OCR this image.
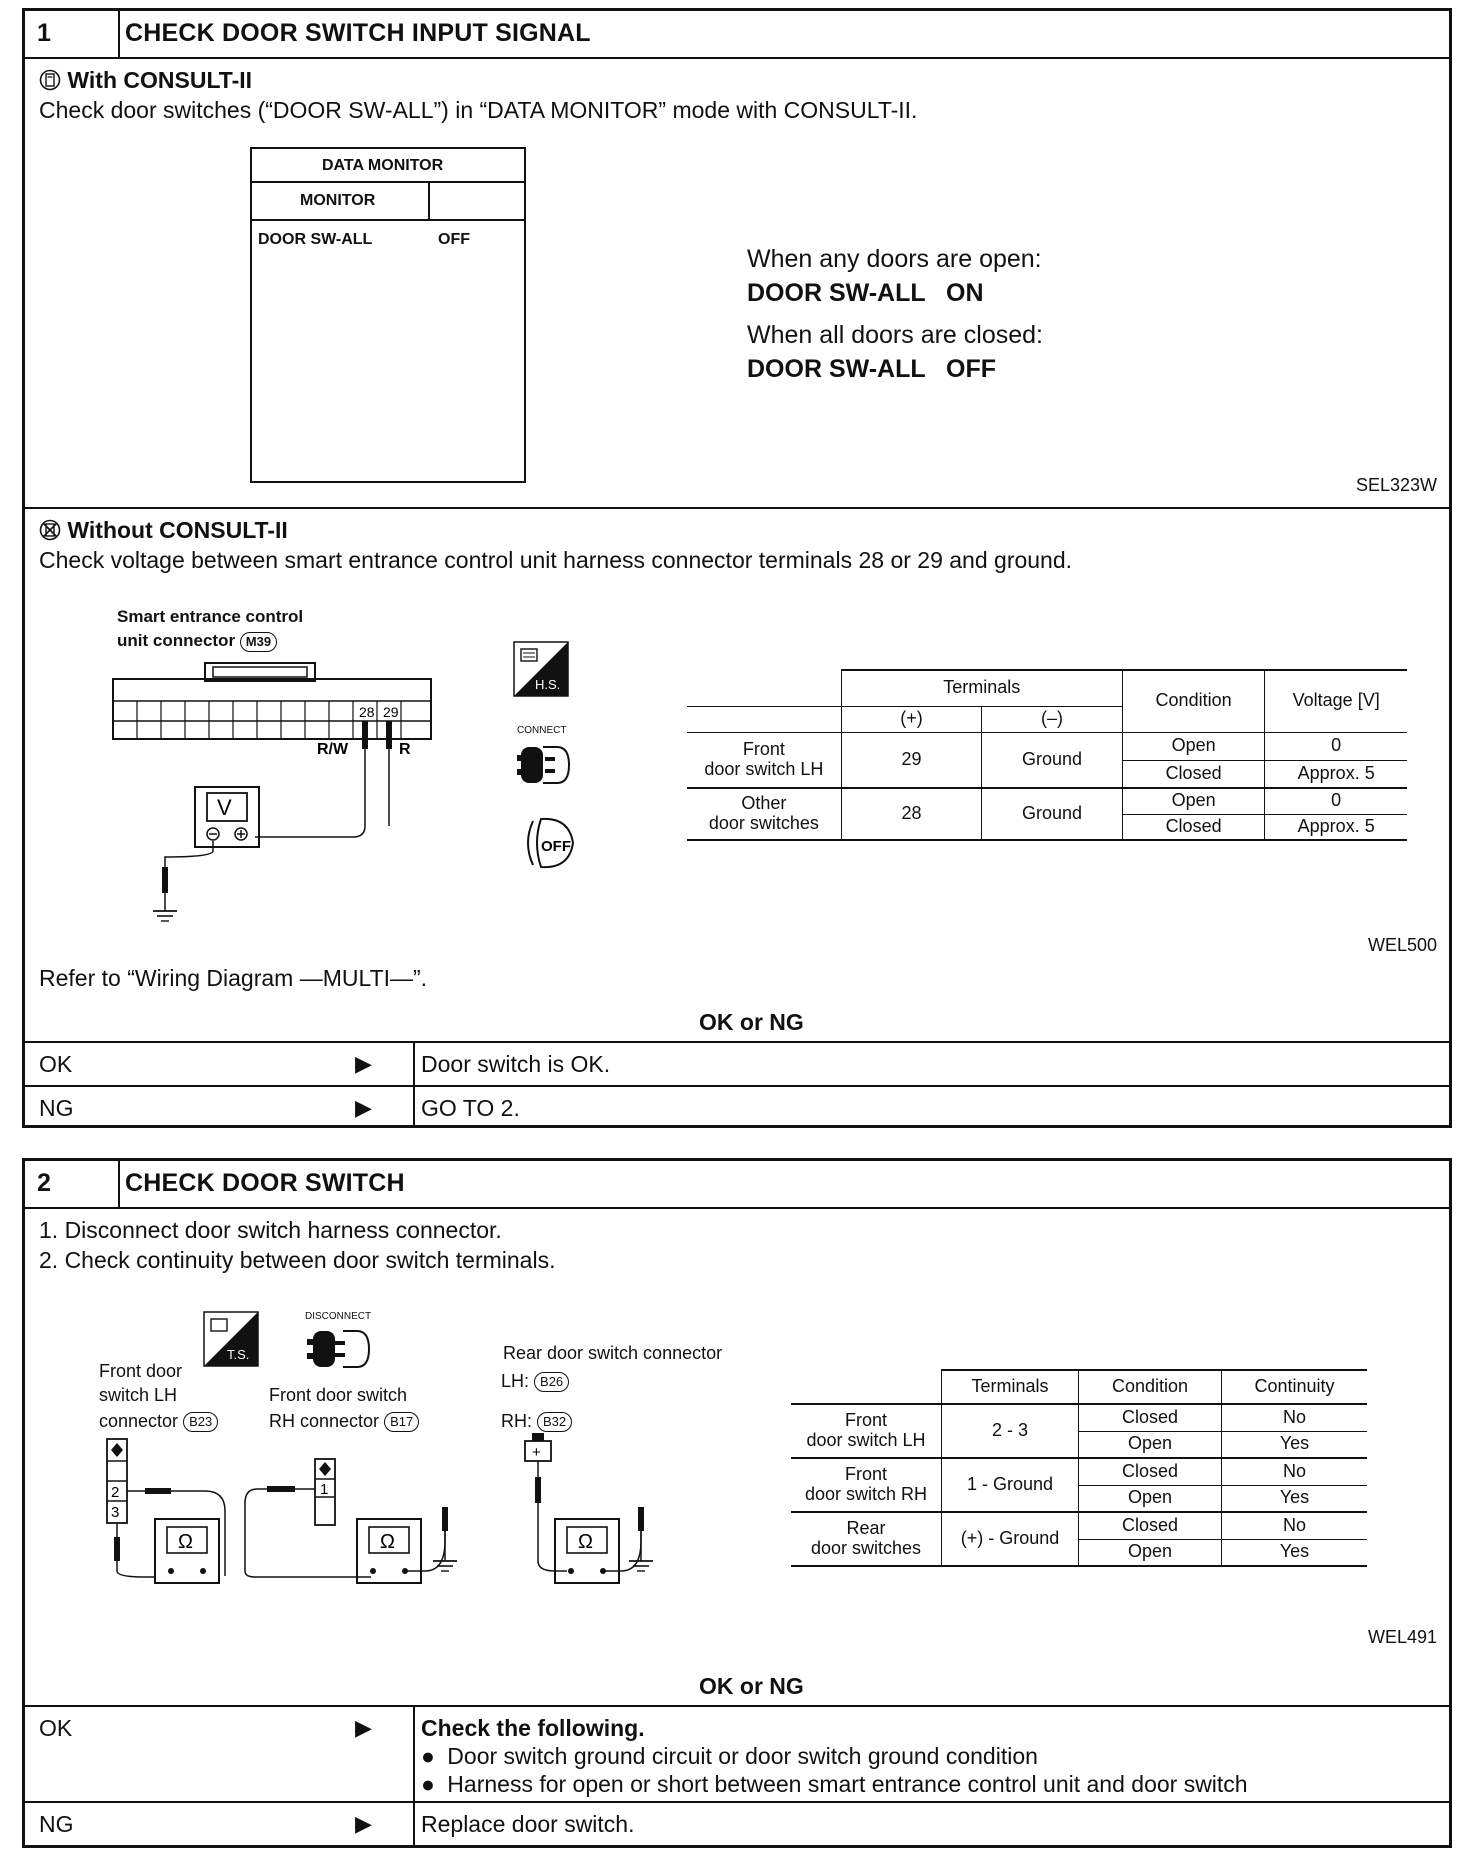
1	CHECK DOOR SWITCH INPUT SIGNAL
With CONSULT-II
Check door switches (“DOOR SW-ALL”) in “DATA MONITOR” mode with CONSULT-II.
DATA MONITOR
MONITOR
DOOR SW-ALL	OFF
When any doors are open:
DOOR SW-ALL   ON
When all doors are closed:
DOOR SW-ALL   OFF
SEL323W
Without CONSULT-II
Check voltage between smart entrance control unit harness connector terminals 28 or 29 and ground.
Smart entrance control
unit connector M39
28 29
R/W	R
V
H.S.
CONNECT
OFF
	Terminals		Condition	Voltage [V]
	(+)	(–)		
Front
door switch LH	29	Ground	Open	0
			Closed	Approx. 5
Other
door switches	28	Ground	Open	0
			Closed	Approx. 5
WEL500
Refer to “Wiring Diagram —MULTI—”.
OK or NG
OK	▶ Door switch is OK.
NG	▶ GO TO 2.
2	CHECK DOOR SWITCH
1. Disconnect door switch harness connector.
2. Check continuity between door switch terminals.
T.S.
DISCONNECT
Front door
switch LH
connector B23
Front door switch
RH connector B17
Rear door switch connector
LH: B26
RH: B32
2
3
Ω
1
Ω
+
Ω
	Terminals	Condition	Continuity
Front
door switch LH	2 - 3	Closed	No
		Open	Yes
Front
door switch RH	1 - Ground	Closed	No
		Open	Yes
Rear
door switches	(+) - Ground	Closed	No
		Open	Yes
WEL491
OK or NG
OK	▶ Check the following.
● Door switch ground circuit or door switch ground condition
● Harness for open or short between smart entrance control unit and door switch
NG	▶ Replace door switch.
